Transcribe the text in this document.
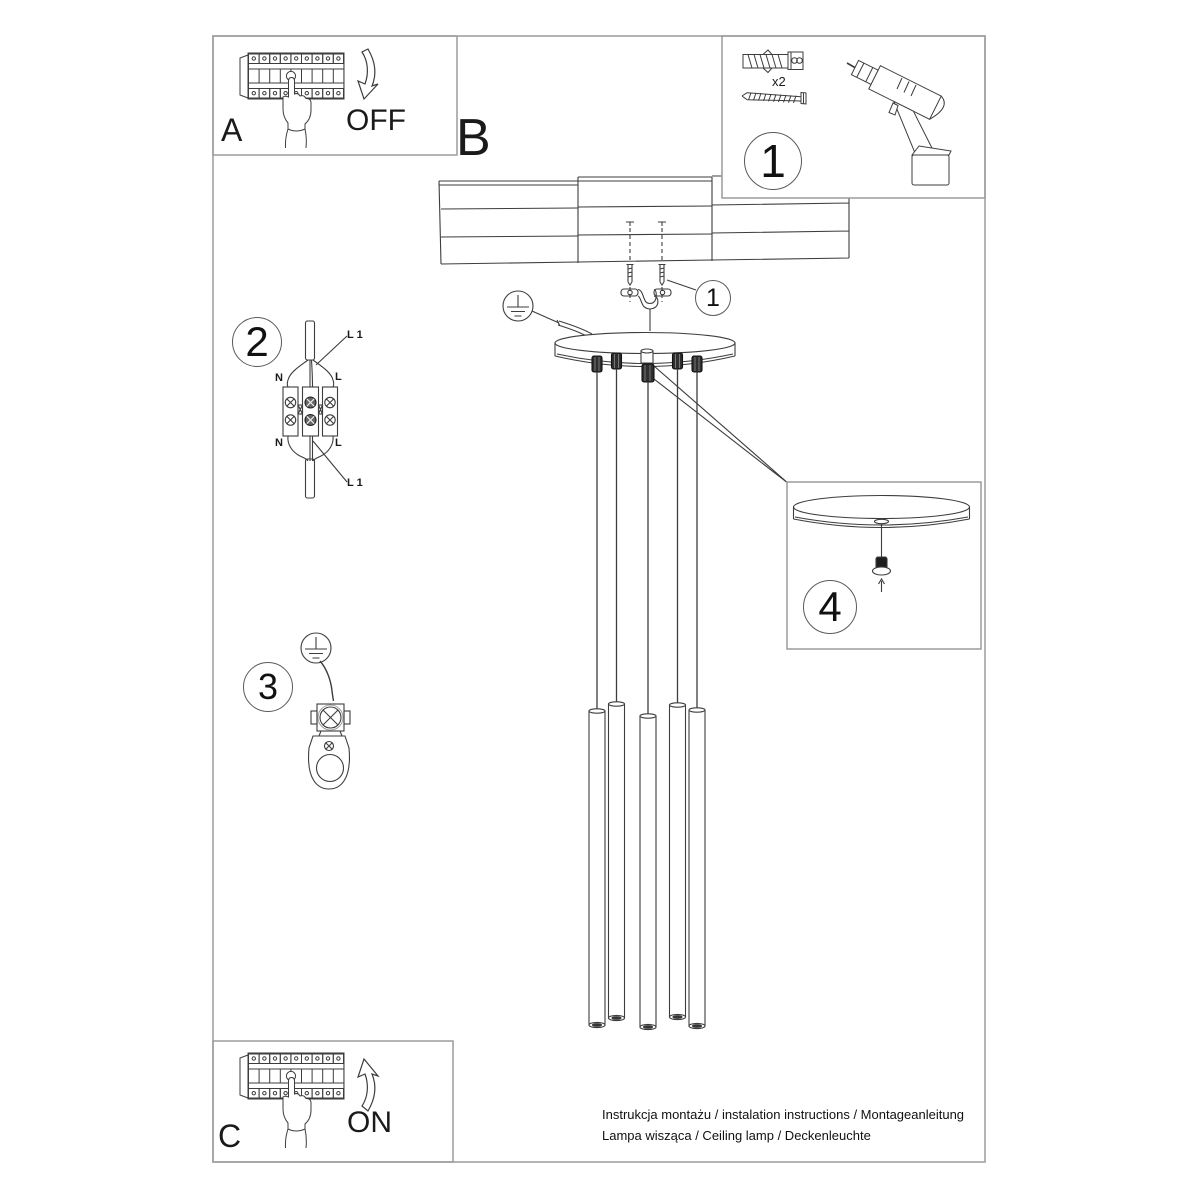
A	OFF B	1
x2
2	L 1
N	L
N	L
L 1
3
1
4
C	ON	Instrukcja montażu / instalation instructions / Montageanleitung
Lampa wisząca / Ceiling lamp / Deckenleuchte
